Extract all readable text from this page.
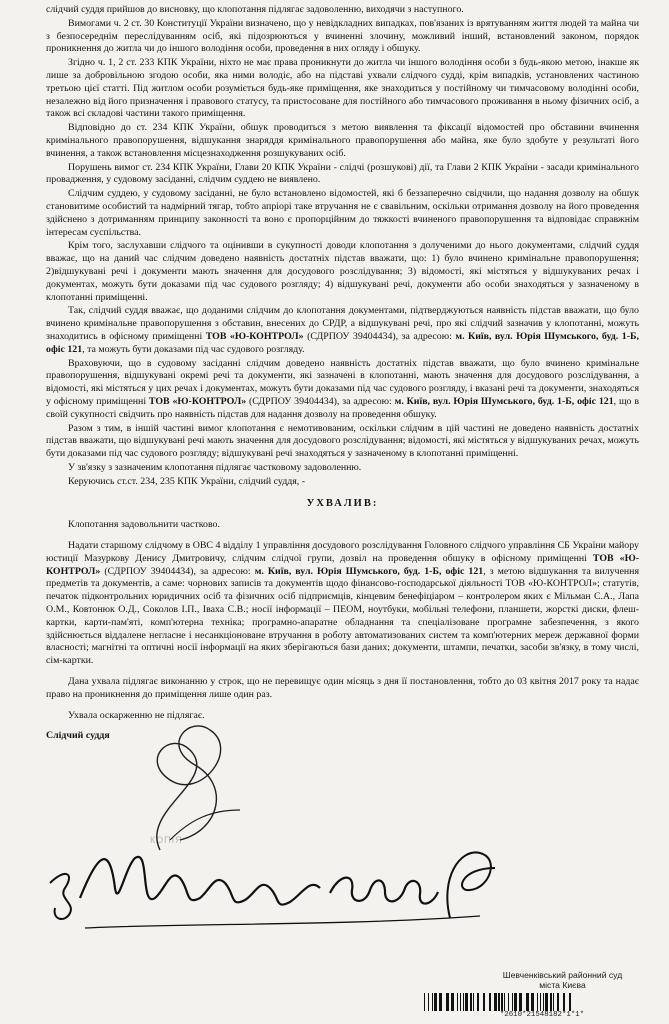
слідчий суддя прийшов до висновку, що клопотання підлягає задоволенню, виходячи з наступного.

Вимогами ч. 2 ст. 30 Конституції України визначено, що у невідкладних випадках, пов'язаних із врятуванням життя людей та майна чи з безпосереднім переслідуванням осіб, які підозрюються у вчиненні злочину, можливий інший, встановлений законом, порядок проникнення до житла чи до іншого володіння особи, проведення в них огляду і обшуку.

Згідно ч. 1, 2 ст. 233 КПК України, ніхто не має права проникнути до житла чи іншого володіння особи з будь-якою метою, інакше як лише за добровільною згодою особи, яка ними володіє, або на підставі ухвали слідчого судді, крім випадків, установлених частиною третьою цієї статті. Під житлом особи розуміється будь-яке приміщення, яке знаходиться у постійному чи тимчасовому володінні особи, незалежно від його призначення і правового статусу, та пристосоване для постійного або тимчасового проживання в ньому фізичних осіб, а також всі складові частини такого приміщення.

Відповідно до ст. 234 КПК України, обшук проводиться з метою виявлення та фіксації відомостей про обставини вчинення кримінального правопорушення, відшукання знаряддя кримінального правопорушення або майна, яке було здобуте у результаті його вчинення, а також встановлення місцезнаходження розшукуваних осіб.

Порушень вимог ст. 234 КПК України, Глави 20 КПК України - слідчі (розшукові) дії, та Глави 2 КПК України - засади кримінального провадження, у судовому засіданні, слідчим суддею не виявлено.

Слідчим суддею, у судовому засіданні, не було встановлено відомостей, які б беззаперечно свідчили, що надання дозволу на обшук становитиме особистий та надмірний тягар, тобто апріорі таке втручання не є свавільним, оскільки отримання дозволу на його проведення здійснено з дотриманням принципу законності та воно є пропорційним до тяжкості вчиненого правопорушення та відповідає справжнім інтересам суспільства.

Крім того, заслухавши слідчого та оцінивши в сукупності доводи клопотання з долученими до нього документами, слідчий суддя вважає, що на даний час слідчим доведено наявність достатніх підстав вважати, що: 1) було вчинено кримінальне правопорушення; 2)відшукувані речі і документи мають значення для досудового розслідування; 3) відомості, які містяться у відшукуваних речах і документах, можуть бути доказами під час судового розгляду; 4) відшукувані речі, документи або особи знаходяться у зазначеному в клопотанні приміщенні.

Так, слідчий суддя вважає, що доданими слідчим до клопотання документами, підтверджуються наявність підстав вважати, що було вчинено кримінальне правопорушення з обставин, внесених до СРДР, а відшукувані речі, про які слідчий зазначив у клопотанні, можуть знаходитись в офісному приміщенні ТОВ «Ю-КОНТРОЛ» (СДРПОУ 39404434), за адресою: м. Київ, вул. Юрія Шумського, буд. 1-Б, офіс 121, та можуть бути доказами під час судового розгляду.

Враховуючи, що в судовому засіданні слідчим доведено наявність достатніх підстав вважати, що було вчинено кримінальне правопорушення, відшукувані окремі речі та документи, які зазначені в клопотанні, мають значення для досудового розслідування, а відомості, які містяться у цих речах і документах, можуть бути доказами під час судового розгляду, і вказані речі та документи, знаходяться у офісному приміщенні ТОВ «Ю-КОНТРОЛ» (СДРПОУ 39404434), за адресою: м. Київ, вул. Юрія Шумського, буд. 1-Б, офіс 121, що в своїй сукупності свідчить про наявність підстав для надання дозволу на проведення обшуку.

Разом з тим, в іншій частині вимог клопотання є немотивованим, оскільки слідчим в цій частині не доведено наявність достатніх підстав вважати, що відшукувані речі мають значення для досудового розслідування; відомості, які містяться у відшукуваних речах, можуть бути доказами під час судового розгляду; відшукувані речі знаходяться у зазначеному в клопотанні приміщенні.

У зв'язку з зазначеним клопотання підлягає частковому задоволенню.

Керуючись ст.ст. 234, 235 КПК України, слідчий суддя, -

УХВАЛИВ:

Клопотання задовольнити частково.

Надати старшому слідчому в ОВС 4 відділу 1 управління досудового розслідування Головного слідчого управління СБ України майору юстиції Мазуркову Денису Дмитровичу, слідчим слідчої групи, дозвіл на проведення обшуку в офісному приміщенні ТОВ «Ю-КОНТРОЛ» (СДРПОУ 39404434), за адресою: м. Київ, вул. Юрія Шумського, буд. 1-Б, офіс 121, з метою відшукання та вилучення предметів та документів, а саме: чорнових записів та документів щодо фінансово-господарської діяльності ТОВ «Ю-КОНТРОЛ»; статутів, печаток підконтрольних юридичних осіб та фізичних осіб підприємців, кінцевим бенефіціаром – контролером яких є Мільман С.А., Лапа О.М., Ковтонюк О.Д., Соколов І.П., Іваха С.В.; носії інформації – ПЕОМ, ноутбуки, мобільні телефони, планшети, жорсткі диски, флеш-картки, карти-пам'яті, комп'ютерна техніка; програмно-апаратне обладнання та спеціалізоване програмне забезпечення, з якого здійснюється віддалене негласне і несанкціоноване втручання в роботу автоматизованих систем та комп'ютерних мереж державної форми власності; магнітні та оптичні носії інформації на яких зберігаються бази даних; документи, штампи, печатки, засоби зв'язку, в тому числі, сім-картки.

Дана ухвала підлягає виконанню у строк, що не перевищує один місяць з дня її постановлення, тобто до 03 квітня 2017 року та надає право на проникнення до приміщення лише один раз.

Ухвала оскарженню не підлягає.

Слідчий суддя

КОПІЯ
Шевченківський районний суд
міста Києва
*2610*21548182*1*1*
